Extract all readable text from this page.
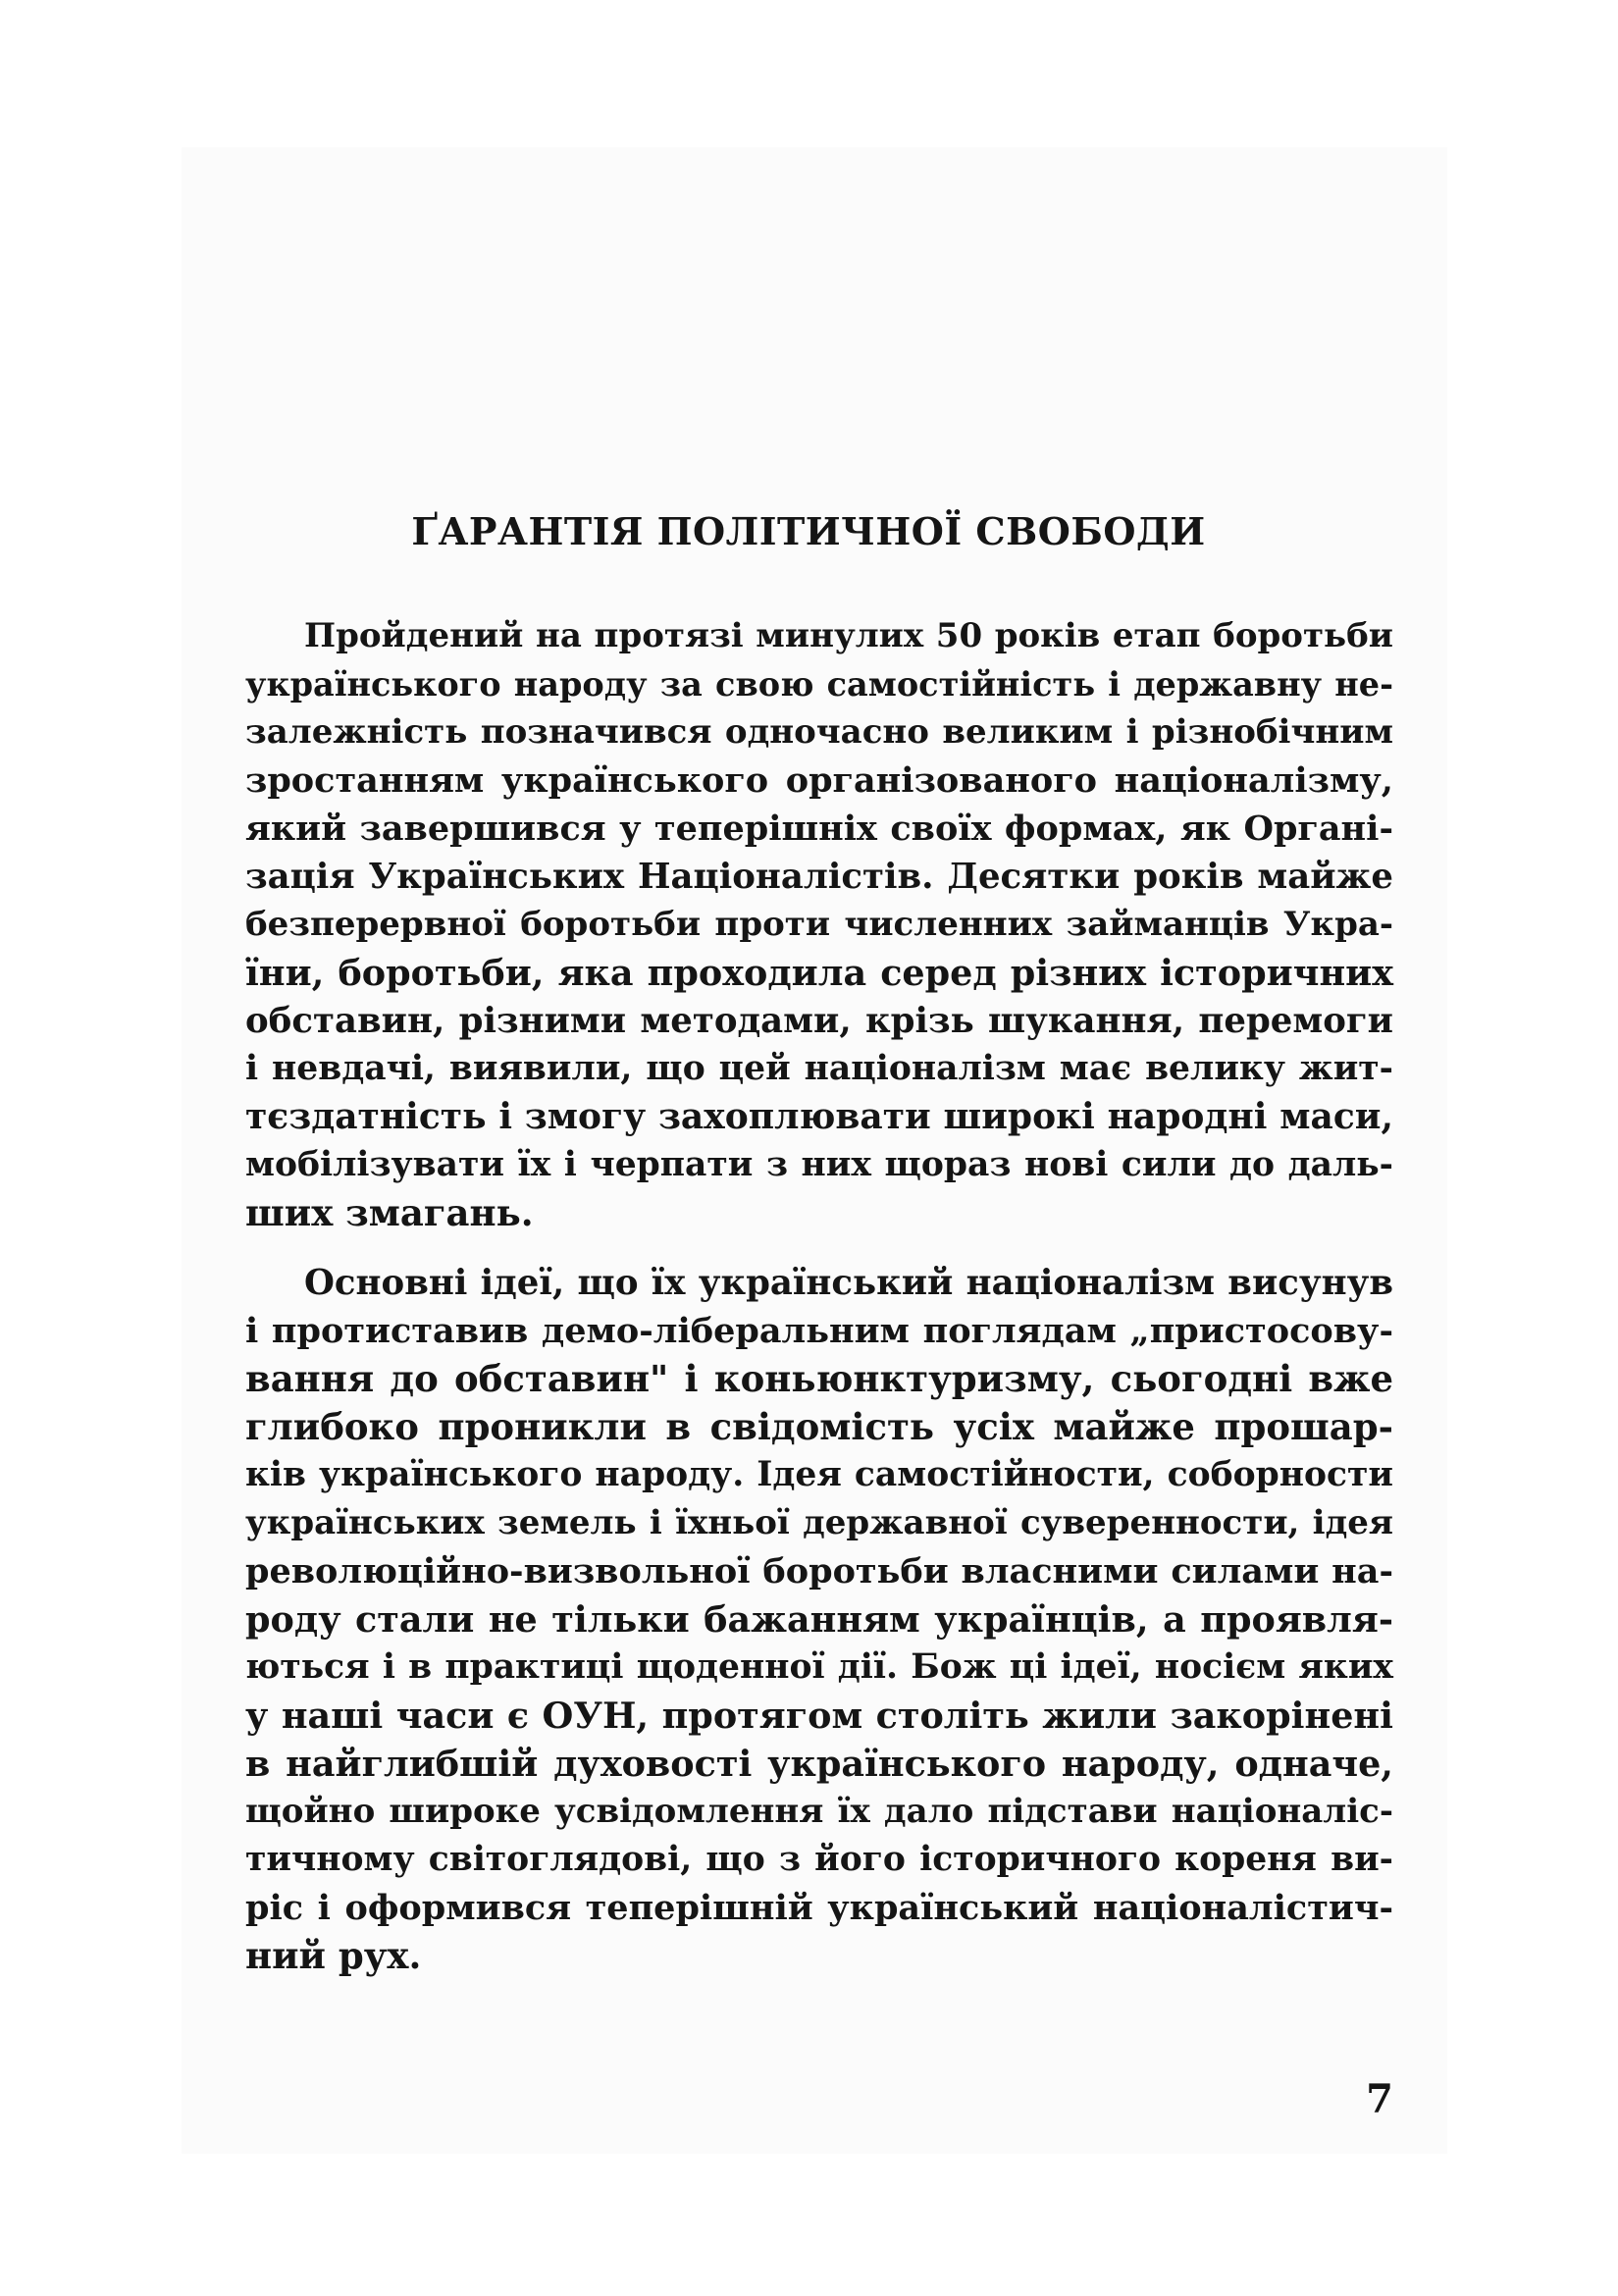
ҐАРАНТІЯ ПОЛІТИЧНОЇ СВОБОДИ
Пройдений на протязі минулих 50 років етап боротьби
українського народу за свою самостійність і державну не-
залежність позначився одночасно великим і різнобічним
зростанням українського організованого націоналізму,
який завершився у теперішніх своїх формах, як Органі-
зація Українських Націоналістів. Десятки років майже
безперервної боротьби проти численних займанців Укра-
їни, боротьби, яка проходила серед різних історичних
обставин, різними методами, крізь шукання, перемоги
і невдачі, виявили, що цей націоналізм має велику жит-
тєздатність і змогу захоплювати широкі народні маси,
мобілізувати їх і черпати з них щораз нові сили до даль-
ших змагань.
Основні ідеї, що їх український націоналізм висунув
і протиставив демо-ліберальним поглядам „пристосову-
вання до обставин" і коньюнктуризму, сьогодні вже
глибоко проникли в свідомість усіх майже прошар-
ків українського народу. Ідея самостійности, соборности
українських земель і їхньої державної суверенности, ідея
революційно-визвольної боротьби власними силами на-
роду стали не тільки бажанням українців, а проявля-
ються і в практиці щоденної дії. Бож ці ідеї, носієм яких
у наші часи є ОУН, протягом століть жили закорінені
в найглибшій духовості українського народу, одначе,
щойно широке усвідомлення їх дало підстави націоналіс-
тичному світоглядові, що з його історичного кореня ви-
ріс і оформився теперішній український націоналістич-
ний рух.
7
